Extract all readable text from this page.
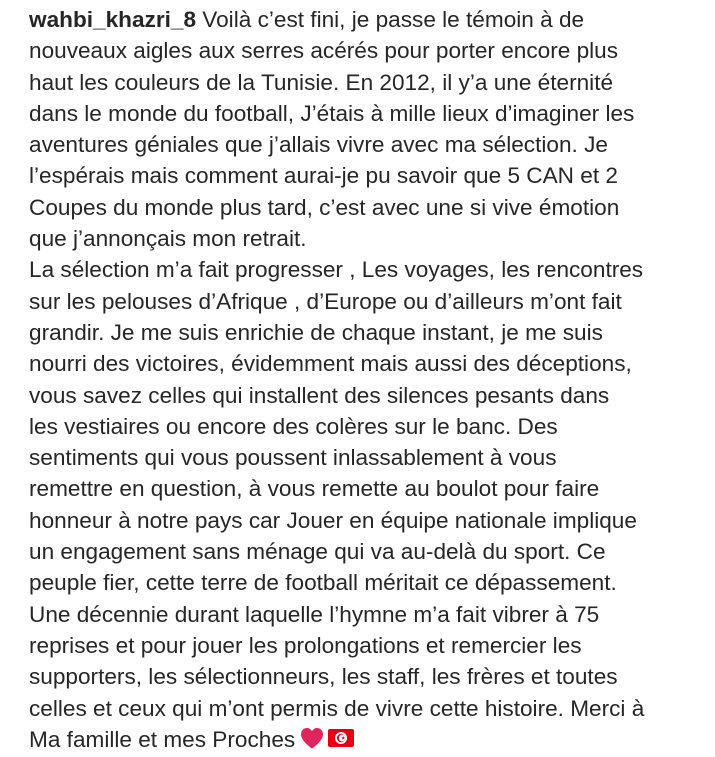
wahbi_khazri_8 Voilà c’est fini, je passe le témoin à de
nouveaux aigles aux serres acérés pour porter encore plus
haut les couleurs de la Tunisie. En 2012, il y’a une éternité
dans le monde du football, J’étais à mille lieux d’imaginer les
aventures géniales que j’allais vivre avec ma sélection. Je
l’espérais mais comment aurai-je pu savoir que 5 CAN et 2
Coupes du monde plus tard, c’est avec une si vive émotion
que j’annonçais mon retrait.
La sélection m’a fait progresser , Les voyages, les rencontres
sur les pelouses d’Afrique , d’Europe ou d’ailleurs m’ont fait
grandir. Je me suis enrichie de chaque instant, je me suis
nourri des victoires, évidemment mais aussi des déceptions,
vous savez celles qui installent des silences pesants dans
les vestiaires ou encore des colères sur le banc. Des
sentiments qui vous poussent inlassablement à vous
remettre en question, à vous remette au boulot pour faire
honneur à notre pays car Jouer en équipe nationale implique
un engagement sans ménage qui va au-delà du sport. Ce
peuple fier, cette terre de football méritait ce dépassement.
Une décennie durant laquelle l’hymne m’a fait vibrer à 75
reprises et pour jouer les prolongations et remercier les
supporters, les sélectionneurs, les staff, les frères et toutes
celles et ceux qui m’ont permis de vivre cette histoire. Merci à
Ma famille et mes Proches
